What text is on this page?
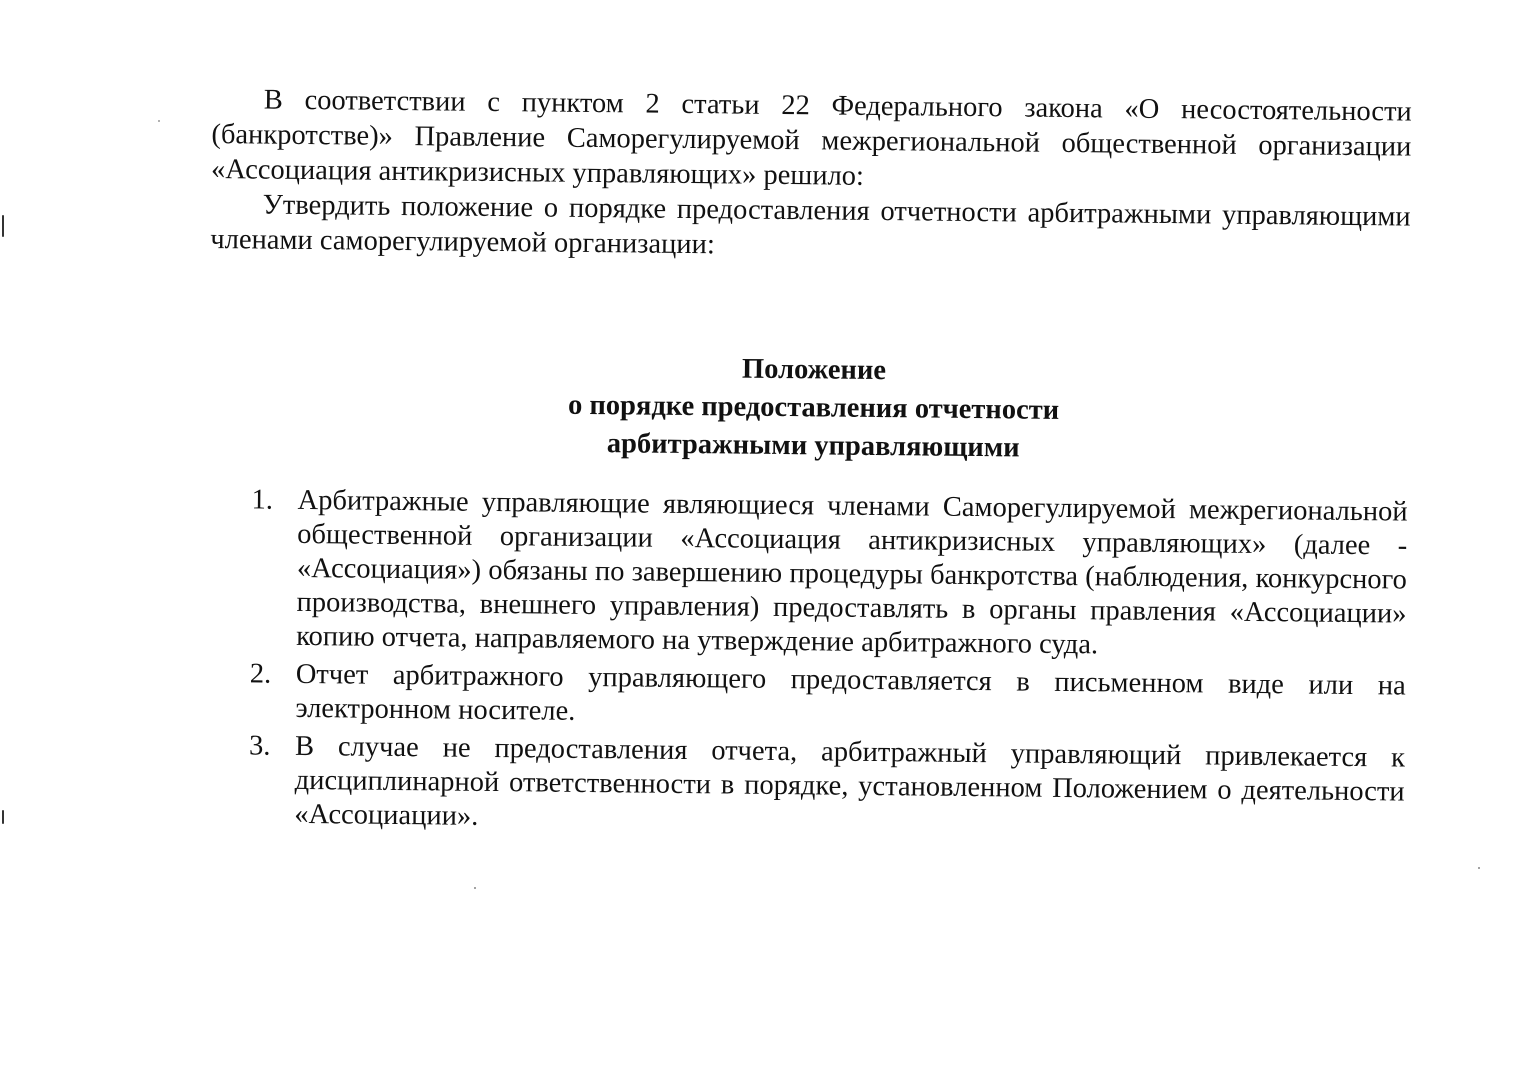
В соответствии с пунктом 2 статьи 22 Федерального закона «О несостоятельности (банкротстве)» Правление Саморегулируемой межрегиональной общественной организации «Ассоциация антикризисных управляющих» решило:

Утвердить положение о порядке предоставления отчетности арбитражными управляющими членами саморегулируемой организации:

Положение
о порядке предоставления отчетности
арбитражными управляющими
1. Арбитражные управляющие являющиеся членами Саморегулируемой межрегиональной общественной организации «Ассоциация антикризисных управляющих» (далее - «Ассоциация») обязаны по завершению процедуры банкротства (наблюдения, конкурсного производства, внешнего управления) предоставлять в органы правления «Ассоциации» копию отчета, направляемого на утверждение арбитражного суда.
2. Отчет арбитражного управляющего предоставляется в письменном виде или на электронном носителе.
3. В случае не предоставления отчета, арбитражный управляющий привлекается к дисциплинарной ответственности в порядке, установленном Положением о деятельности «Ассоциации».
